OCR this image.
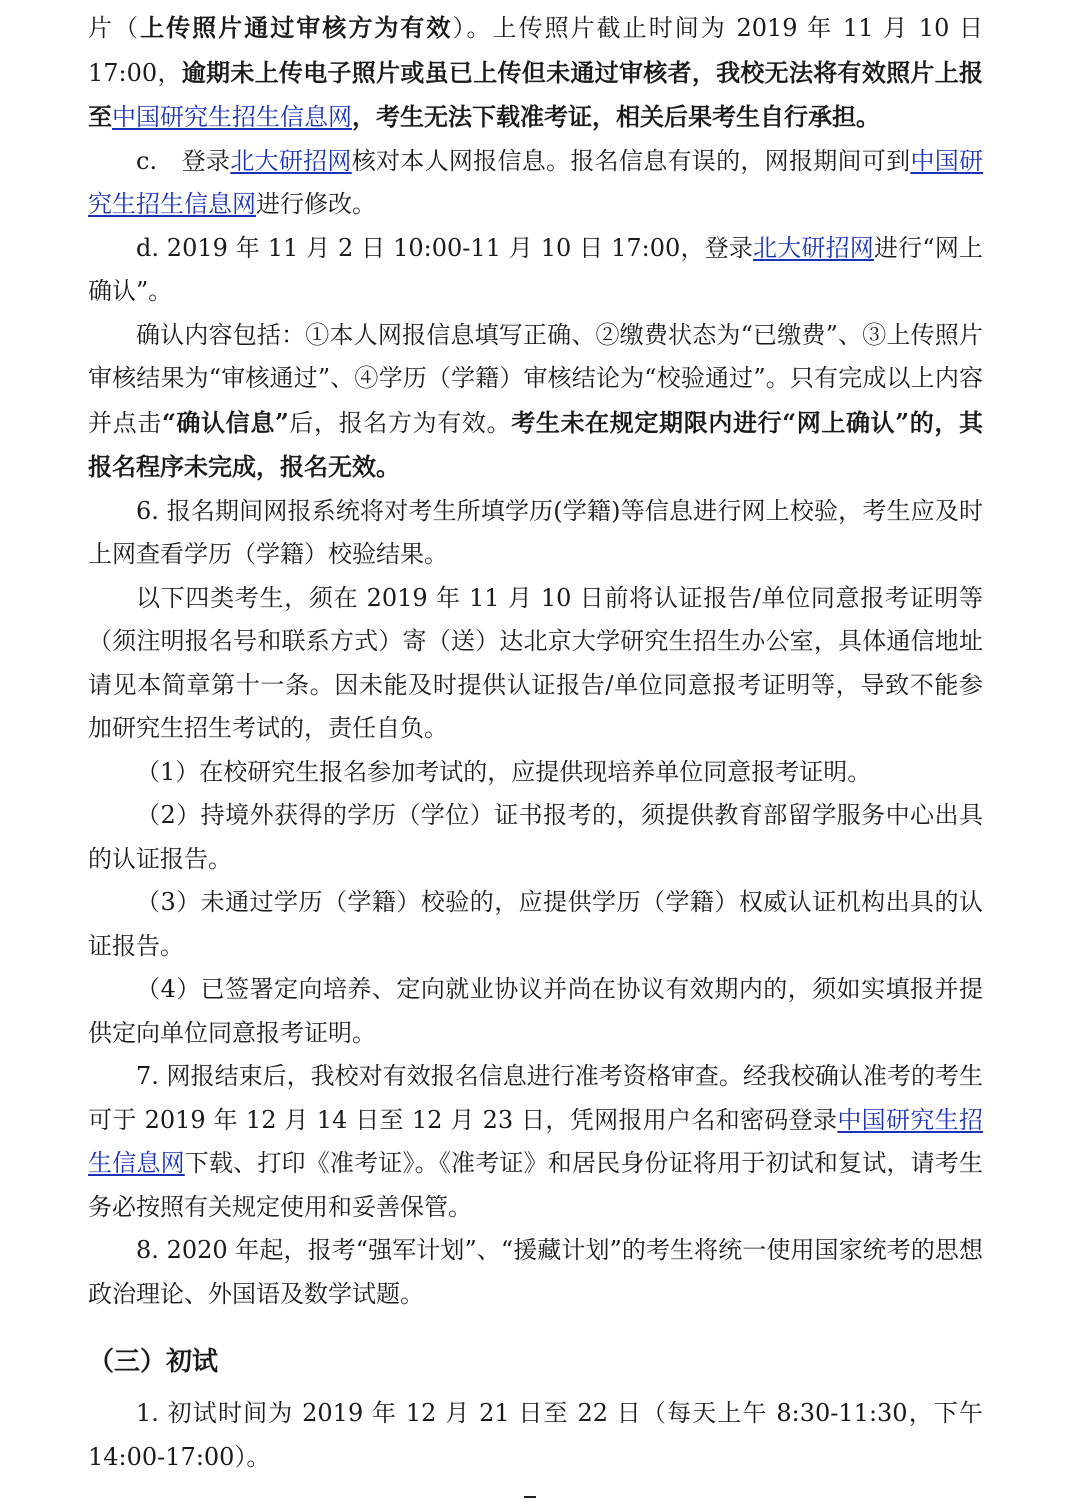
片（上传照片通过审核方为有效）。上传照片截止时间为 2019 年 11 月 10 日 17:00，逾期未上传电子照片或虽已上传但未通过审核者，我校无法将有效照片上报至中国研究生招生信息网，考生无法下载准考证，相关后果考生自行承担。

c.　登录北大研招网核对本人网报信息。报名信息有误的，网报期间可到中国研究生招生信息网进行修改。

d. 2019 年 11 月 2 日 10:00-11 月 10 日 17:00，登录北大研招网进行“网上确认”。

确认内容包括：①本人网报信息填写正确、②缴费状态为“已缴费”、③上传照片审核结果为“审核通过”、④学历（学籍）审核结论为“校验通过”。只有完成以上内容并点击“确认信息”后，报名方为有效。考生未在规定期限内进行“网上确认”的，其报名程序未完成，报名无效。

6. 报名期间网报系统将对考生所填学历(学籍)等信息进行网上校验，考生应及时上网查看学历（学籍）校验结果。

以下四类考生，须在 2019 年 11 月 10 日前将认证报告/单位同意报考证明等（须注明报名号和联系方式）寄（送）达北京大学研究生招生办公室，具体通信地址请见本简章第十一条。因未能及时提供认证报告/单位同意报考证明等，导致不能参加研究生招生考试的，责任自负。

（1）在校研究生报名参加考试的，应提供现培养单位同意报考证明。

（2）持境外获得的学历（学位）证书报考的，须提供教育部留学服务中心出具的认证报告。

（3）未通过学历（学籍）校验的，应提供学历（学籍）权威认证机构出具的认证报告。

（4）已签署定向培养、定向就业协议并尚在协议有效期内的，须如实填报并提供定向单位同意报考证明。

7. 网报结束后，我校对有效报名信息进行准考资格审查。经我校确认准考的考生可于 2019 年 12 月 14 日至 12 月 23 日，凭网报用户名和密码登录中国研究生招生信息网下载、打印《准考证》。《准考证》和居民身份证将用于初试和复试，请考生务必按照有关规定使用和妥善保管。

8. 2020 年起，报考“强军计划”、“援藏计划”的考生将统一使用国家统考的思想政治理论、外国语及数学试题。

（三）初试

1. 初试时间为 2019 年 12 月 21 日至 22 日（每天上午 8:30-11:30，下午 14:00-17:00）。
